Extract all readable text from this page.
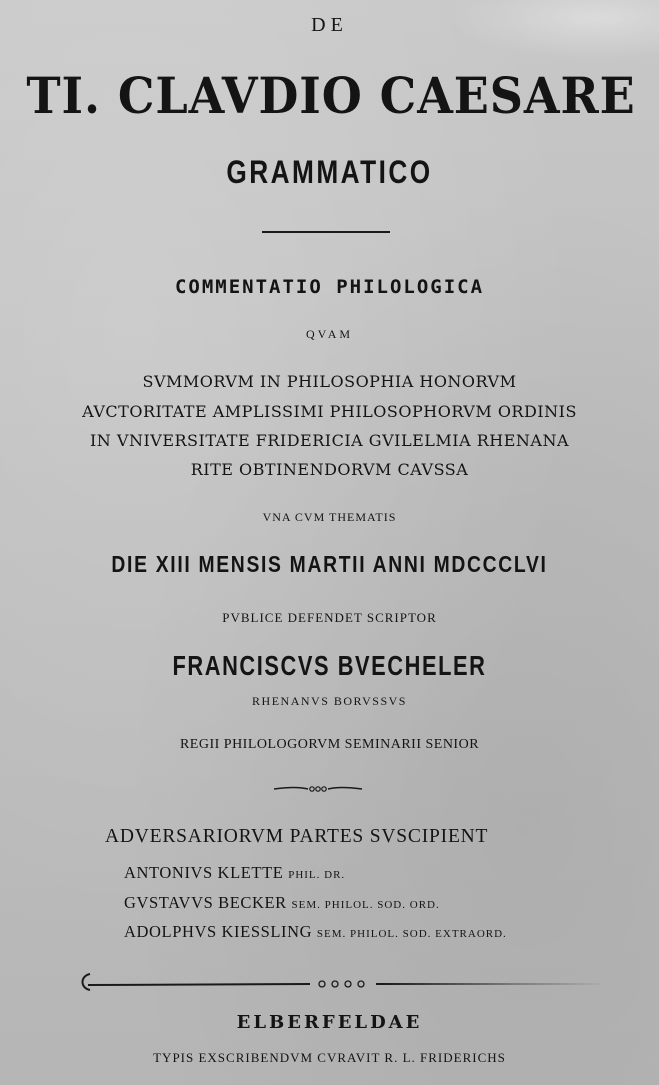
DE
TI. CLAVDIO CAESARE
GRAMMATICO
COMMENTATIO PHILOLOGICA
QVAM
SVMMORVM IN PHILOSOPHIA HONORVM
AVCTORITATE AMPLISSIMI PHILOSOPHORVM ORDINIS
IN VNIVERSITATE FRIDERICIA GVILELMIA RHENANA
RITE OBTINENDORVM CAVSSA
VNA CVM THEMATIS
DIE XIII MENSIS MARTII ANNI MDCCCLVI
PVBLICE DEFENDET SCRIPTOR
FRANCISCVS BVECHELER
RHENANVS BORVSSVS
REGII PHILOLOGORVM SEMINARII SENIOR
ADVERSARIORVM PARTES SVSCIPIENT
ANTONIVS KLETTE PHIL. DR.
GVSTAVVS BECKER SEM. PHILOL. SOD. ORD.
ADOLPHVS KIESSLING SEM. PHILOL. SOD. EXTRAORD.
ELBERFELDAE
TYPIS EXSCRIBENDVM CVRAVIT R. L. FRIDERICHS
